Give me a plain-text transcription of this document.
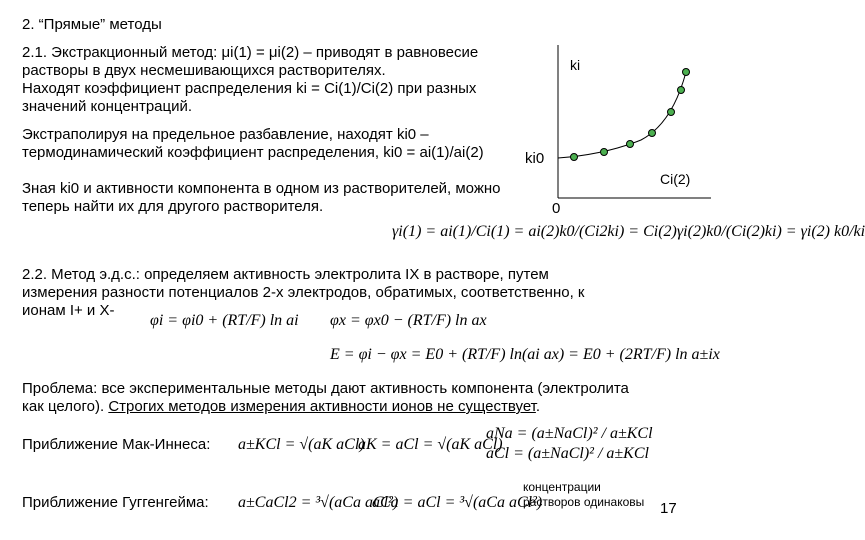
2. “Прямые” методы
2.1. Экстракционный метод: μi(1) = μi(2) – приводят в равновесие
растворы в двух несмешивающихся растворителях.
Находят коэффициент распределения ki = Ci(1)/Ci(2) при разных
значений концентраций.
Экстраполируя на предельное разбавление, находят ki0 –
термодинамический коэффициент распределения, ki0 = ai(1)/ai(2)
Зная ki0 и активности компонента в одном из растворителей, можно
теперь найти их для другого растворителя.
ki
Ci(2)
ki0
0
γi(1) = ai(1)/Ci(1) = ai(2)k0/(Ci2ki) = Ci(2)γi(2)k0/(Ci(2)ki) = γi(2) k0/ki
2.2. Метод э.д.с.: определяем активность электролита IX в растворе, путем
измерения разности потенциалов 2-х электродов, обратимых, соответственно, к
ионам I+ и X-
φi = φi0 + (RT/F) ln ai φx = φx0 − (RT/F) ln ax
E = φi − φx = E0 + (RT/F) ln(ai ax) = E0 + (2RT/F) ln a±ix
Проблема: все экспериментальные методы дают активность компонента (электролита
как целого). Строгих методов измерения активности ионов не существует.
Приближение Мак-Иннеса: a±KCl = √(aK aCl)
aK = aCl = √(aK aCl)
aNa = (a±NaCl)² / a±KCl
aCl = (a±NaCl)² / a±KCl
Приближение Гуггенгейма: a±CaCl2 = ³√(aCa aCl²)
aCa = aCl = ³√(aCa aCl²)
концентрации
растворов одинаковы 17
